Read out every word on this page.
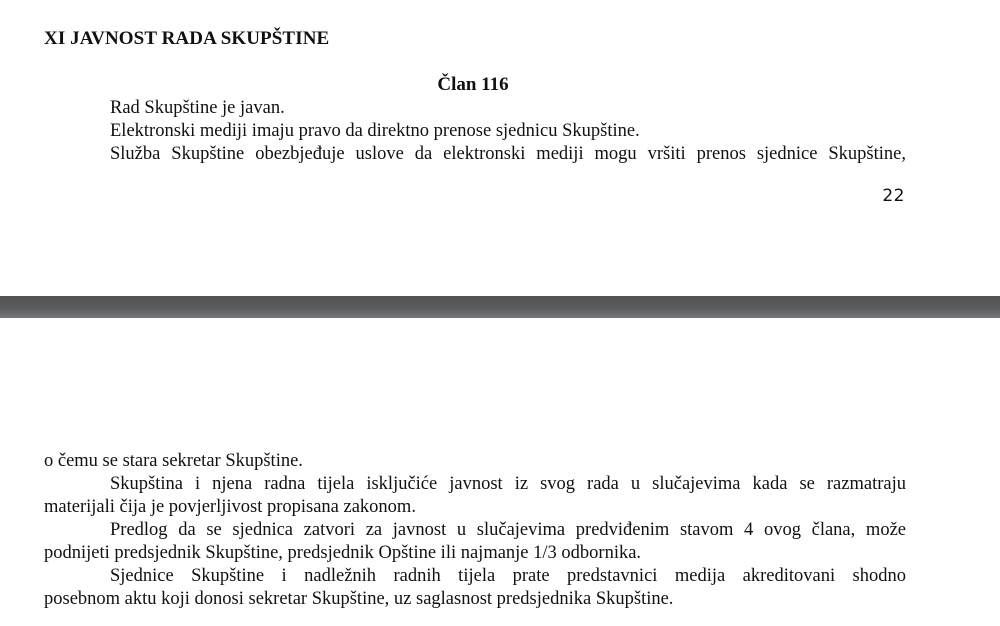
XI JAVNOST RADA SKUPŠTINE
Član 116
Rad Skupštine je javan.
Elektronski mediji imaju pravo da direktno prenose sjednicu Skupštine.
Služba Skupštine obezbjeđuje uslove da elektronski mediji mogu vršiti prenos sjednice Skupštine,
22
o čemu se stara sekretar Skupštine.
Skupština i njena radna tijela isključiće javnost iz svog rada u slučajevima kada se razmatraju
materijali čija je povjerljivost propisana zakonom.
Predlog da se sjednica zatvori za javnost u slučajevima predviđenim stavom 4 ovog člana, može
podnijeti predsjednik Skupštine, predsjednik Opštine ili najmanje 1/3 odbornika.
Sjednice Skupštine i nadležnih radnih tijela prate predstavnici medija akreditovani shodno
posebnom aktu koji donosi sekretar Skupštine, uz saglasnost predsjednika Skupštine.
